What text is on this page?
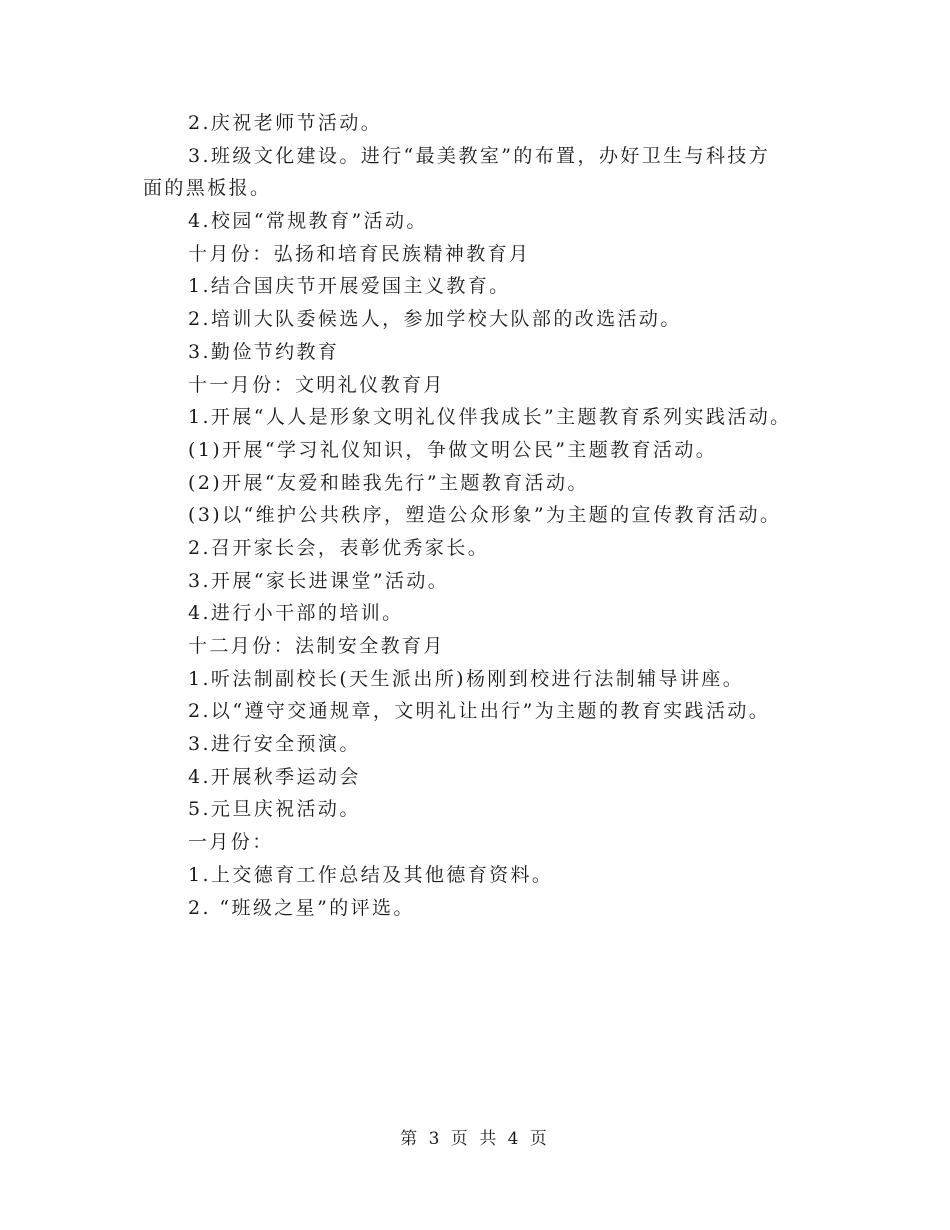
2.庆祝老师节活动。
3.班级文化建设。进行“最美教室”的布置，办好卫生与科技方
面的黑板报。
4.校园“常规教育”活动。
十月份：弘扬和培育民族精神教育月
1.结合国庆节开展爱国主义教育。
2.培训大队委候选人，参加学校大队部的改选活动。
3.勤俭节约教育
十一月份：文明礼仪教育月
1.开展“人人是形象文明礼仪伴我成长”主题教育系列实践活动。
(1)开展“学习礼仪知识，争做文明公民”主题教育活动。
(2)开展“友爱和睦我先行”主题教育活动。
(3)以“维护公共秩序，塑造公众形象”为主题的宣传教育活动。
2.召开家长会，表彰优秀家长。
3.开展“家长进课堂”活动。
4.进行小干部的培训。
十二月份：法制安全教育月
1.听法制副校长(天生派出所)杨刚到校进行法制辅导讲座。
2.以“遵守交通规章，文明礼让出行”为主题的教育实践活动。
3.进行安全预演。
4.开展秋季运动会
5.元旦庆祝活动。
一月份：
1.上交德育工作总结及其他德育资料。
2. “班级之星”的评选。
第 3 页 共 4 页
